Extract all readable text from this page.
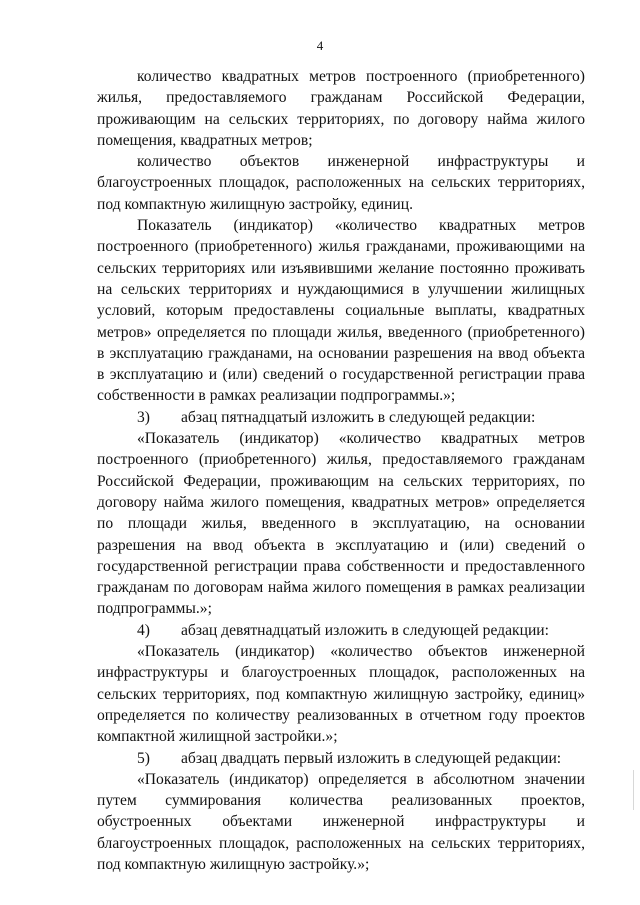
4

количество квадратных метров построенного (приобретенного) жилья, предоставляемого гражданам Российской Федерации, проживающим на сельских территориях, по договору найма жилого помещения, квадратных метров;

количество объектов инженерной инфраструктуры и благоустроенных площадок, расположенных на сельских территориях, под компактную жилищную застройку, единиц.

Показатель (индикатор) «количество квадратных метров построенного (приобретенного) жилья гражданами, проживающими на сельских территориях или изъявившими желание постоянно проживать на сельских территориях и нуждающимися в улучшении жилищных условий, которым предоставлены социальные выплаты, квадратных метров» определяется по площади жилья, введенного (приобретенного) в эксплуатацию гражданами, на основании разрешения на ввод объекта в эксплуатацию и (или) сведений о государственной регистрации права собственности в рамках реализации подпрограммы.»;

3) абзац пятнадцатый изложить в следующей редакции:

«Показатель (индикатор) «количество квадратных метров построенного (приобретенного) жилья, предоставляемого гражданам Российской Федерации, проживающим на сельских территориях, по договору найма жилого помещения, квадратных метров» определяется по площади жилья, введенного в эксплуатацию, на основании разрешения на ввод объекта в эксплуатацию и (или) сведений о государственной регистрации права собственности и предоставленного гражданам по договорам найма жилого помещения в рамках реализации подпрограммы.»;

4) абзац девятнадцатый изложить в следующей редакции:

«Показатель (индикатор) «количество объектов инженерной инфраструктуры и благоустроенных площадок, расположенных на сельских территориях, под компактную жилищную застройку, единиц» определяется по количеству реализованных в отчетном году проектов компактной жилищной застройки.»;

5) абзац двадцать первый изложить в следующей редакции:

«Показатель (индикатор) определяется в абсолютном значении путем суммирования количества реализованных проектов, обустроенных объектами инженерной инфраструктуры и благоустроенных площадок, расположенных на сельских территориях, под компактную жилищную застройку.»;
